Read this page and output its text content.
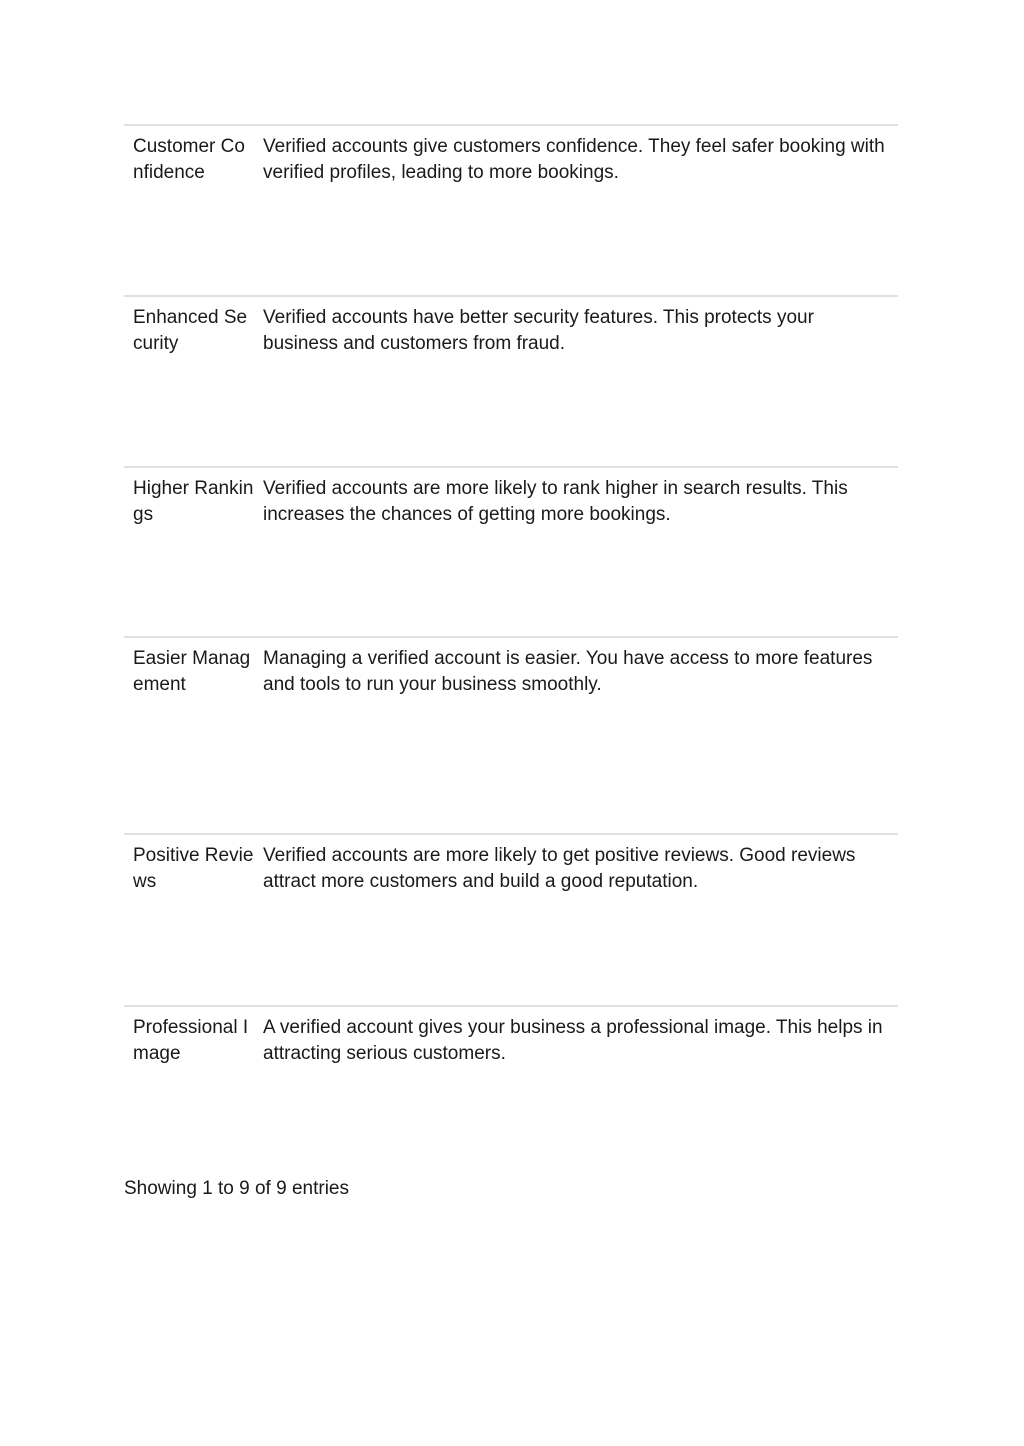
Customer Confidence
Verified accounts give customers confidence. They feel safer booking with verified profiles, leading to more bookings.
Enhanced Security
Verified accounts have better security features. This protects your business and customers from fraud.
Higher Rankings
Verified accounts are more likely to rank higher in search results. This increases the chances of getting more bookings.
Easier Management
Managing a verified account is easier. You have access to more features and tools to run your business smoothly.
Positive Reviews
Verified accounts are more likely to get positive reviews. Good reviews attract more customers and build a good reputation.
Professional Image
A verified account gives your business a professional image. This helps in attracting serious customers.
Showing 1 to 9 of 9 entries
